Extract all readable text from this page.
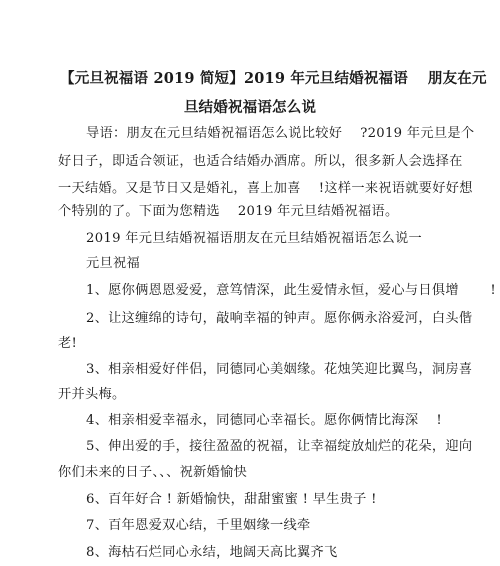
【元旦祝福语 2019 简短】2019 年元旦结婚祝福语　 朋友在元
旦结婚祝福语怎么说
导语：朋友在元旦结婚祝福语怎么说比较好　 ?2019 年元旦是个
好日子，即适合领证，也适合结婚办酒席。所以，很多新人会选择在
一天结婚。又是节日又是婚礼，喜上加喜　 !这样一来祝语就要好好想
个特别的了。下面为您精选　 2019 年元旦结婚祝福语。
2019 年元旦结婚祝福语朋友在元旦结婚祝福语怎么说一
元旦祝福
1、愿你俩恩恩爱爱，意笃情深，此生爱情永恒，爱心与日俱增　　 !
2、让这缠绵的诗句，敲响幸福的钟声。愿你俩永浴爱河，白头偕
老!
3、相亲相爱好伴侣，同德同心美姻缘。花烛笑迎比翼鸟，洞房喜
开并头梅。
4、相亲相爱幸福永，同德同心幸福长。愿你俩情比海深　 !
5、伸出爱的手，接往盈盈的祝福，让幸福绽放灿烂的花朵，迎向
你们未来的日子、、、祝新婚愉快
6、百年好合 ! 新婚愉快，甜甜蜜蜜 ! 早生贵子 !
7、百年恩爱双心结，千里姻缘一线牵
8、海枯石烂同心永结，地阔天高比翼齐飞
